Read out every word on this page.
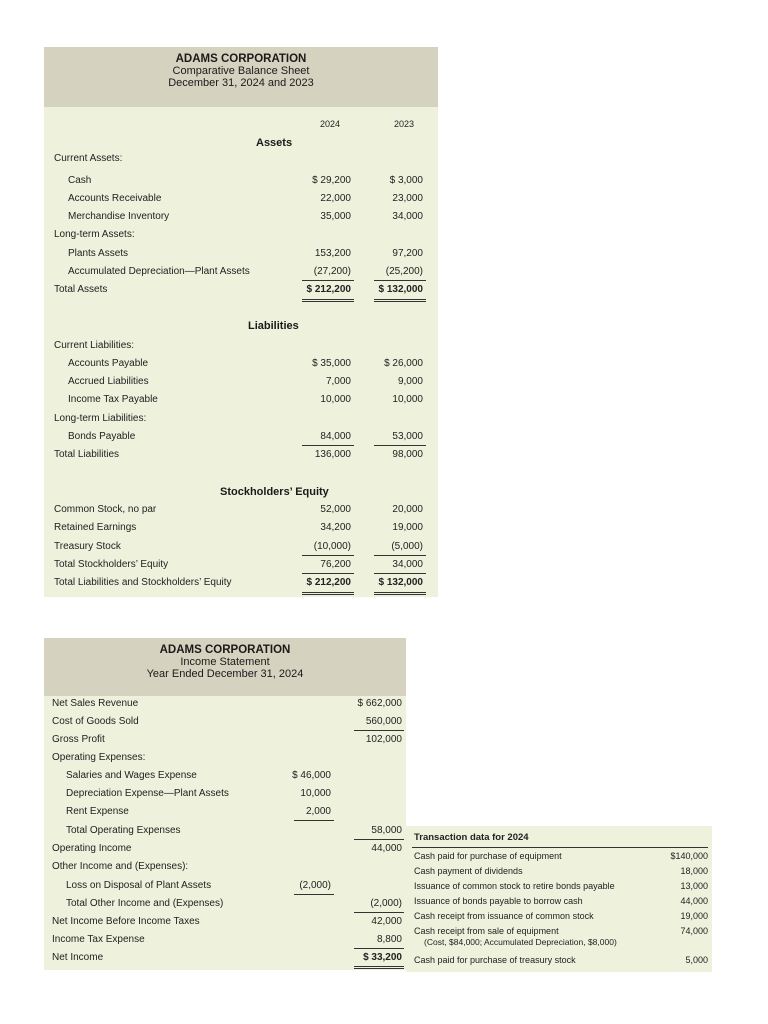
ADAMS CORPORATION
Comparative Balance Sheet
December 31, 2024 and 2023
2024	2023
Assets
Current Assets:
Cash	$ 29,200	$ 3,000
Accounts Receivable	22,000	23,000
Merchandise Inventory	35,000	34,000
Long-term Assets:
Plants Assets	153,200	97,200
Accumulated Depreciation—Plant Assets	(27,200)	(25,200)
Total Assets	$ 212,200	$ 132,000
Liabilities
Current Liabilities:
Accounts Payable	$ 35,000	$ 26,000
Accrued Liabilities	7,000	9,000
Income Tax Payable	10,000	10,000
Long-term Liabilities:
Bonds Payable	84,000	53,000
Total Liabilities	136,000	98,000
Stockholders’ Equity
Common Stock, no par	52,000	20,000
Retained Earnings	34,200	19,000
Treasury Stock	(10,000)	(5,000)
Total Stockholders’ Equity	76,200	34,000
Total Liabilities and Stockholders’ Equity	$ 212,200	$ 132,000
ADAMS CORPORATION
Income Statement
Year Ended December 31, 2024
Net Sales Revenue	$ 662,000
Cost of Goods Sold	560,000
Gross Profit	102,000
Operating Expenses:
Salaries and Wages Expense	$ 46,000
Depreciation Expense—Plant Assets	10,000
Rent Expense	2,000
Total Operating Expenses	58,000
Operating Income	44,000
Other Income and (Expenses):
Loss on Disposal of Plant Assets	(2,000)
Total Other Income and (Expenses)	(2,000)
Net Income Before Income Taxes	42,000
Income Tax Expense	8,800
Net Income	$ 33,200
Transaction data for 2024
Cash paid for purchase of equipment	$140,000
Cash payment of dividends	18,000
Issuance of common stock to retire bonds payable	13,000
Issuance of bonds payable to borrow cash	44,000
Cash receipt from issuance of common stock	19,000
Cash receipt from sale of equipment	74,000
(Cost, $84,000; Accumulated Depreciation, $8,000)
Cash paid for purchase of treasury stock	5,000
